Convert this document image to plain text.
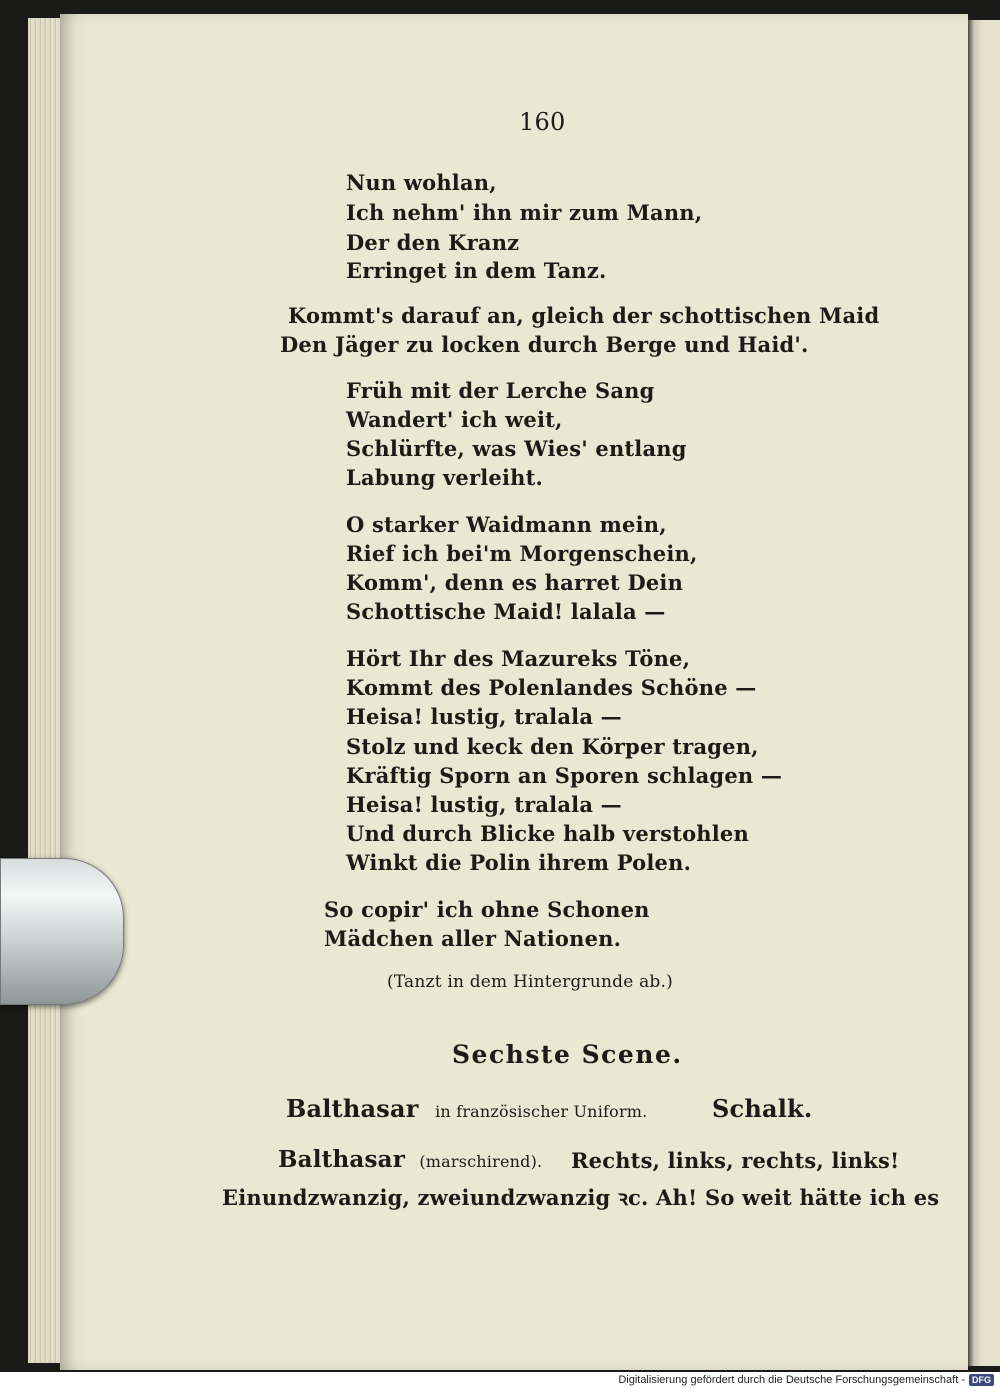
160
Nun wohlan,
Ich nehm' ihn mir zum Mann,
Der den Kranz
Erringet in dem Tanz.
Kommt's darauf an, gleich der schottischen Maid
Den Jäger zu locken durch Berge und Haid'.
Früh mit der Lerche Sang
Wandert' ich weit,
Schlürfte, was Wies' entlang
Labung verleiht.
O starker Waidmann mein,
Rief ich bei'm Morgenschein,
Komm', denn es harret Dein
Schottische Maid! lalala —
Hört Ihr des Mazureks Töne,
Kommt des Polenlandes Schöne —
Heisa! lustig, tralala —
Stolz und keck den Körper tragen,
Kräftig Sporn an Sporen schlagen —
Heisa! lustig, tralala —
Und durch Blicke halb verstohlen
Winkt die Polin ihrem Polen.
So copir' ich ohne Schonen
Mädchen aller Nationen.
(Tanzt in dem Hintergrunde ab.)
Sechste Scene.
Balthasar in französischer Uniform.	Schalk.
Balthasar (marschirend). Rechts, links, rechts, links!
Einundzwanzig, zweiundzwanzig ꝛc. Ah! So weit hätte ich es
Digitalisierung gefördert durch die Deutsche Forschungsgemeinschaft - DFG
